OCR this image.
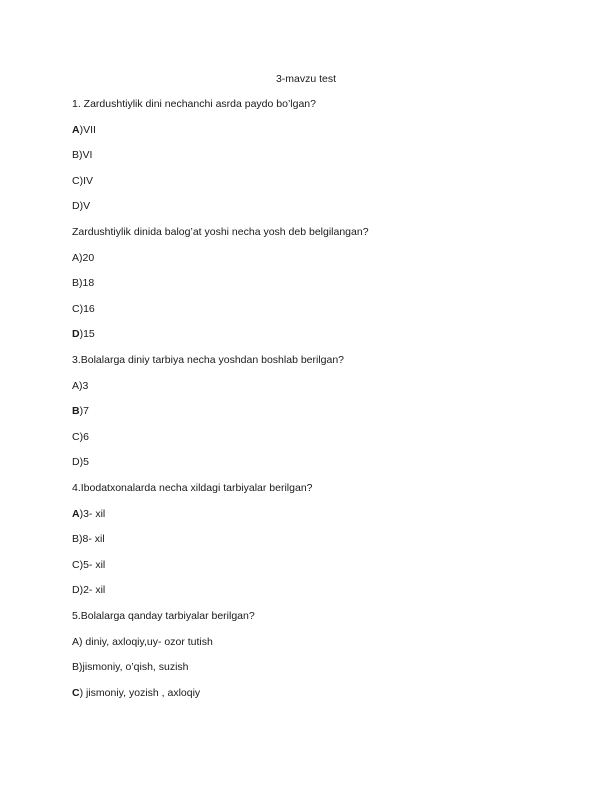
3-mavzu test
1. Zardushtiylik dini nechanchi asrda paydo bo’lgan?
A)VII
B)VI
C)IV
D)V
Zardushtiylik dinida balog’at yoshi necha yosh deb belgilangan?
A)20
B)18
C)16
D)15
3.Bolalarga diniy tarbiya necha yoshdan boshlab berilgan?
A)3
B)7
C)6
D)5
4.Ibodatxonalarda necha xildagi tarbiyalar berilgan?
A)3- xil
B)8- xil
C)5- xil
D)2- xil
5.Bolalarga qanday tarbiyalar berilgan?
A) diniy, axloqiy,uy- ozor tutish
B)jismoniy, o’qish, suzish
C) jismoniy, yozish , axloqiy
